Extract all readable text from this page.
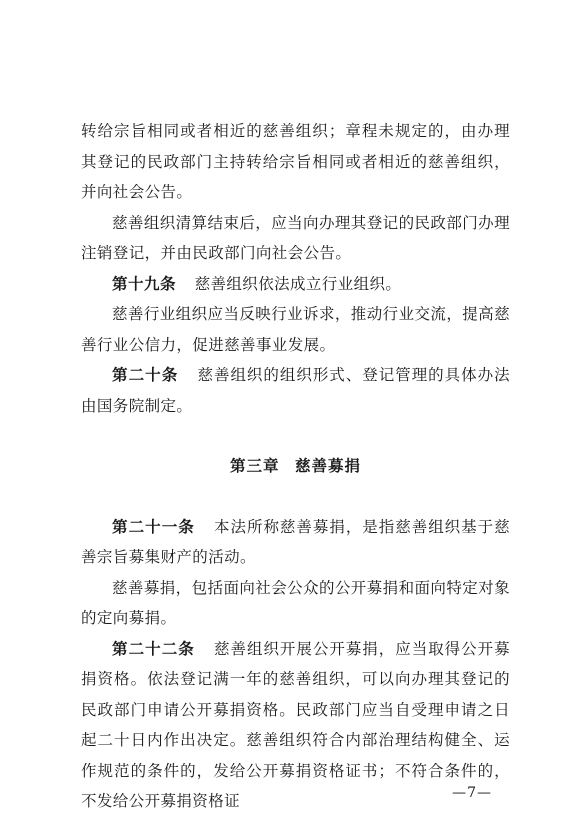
转给宗旨相同或者相近的慈善组织；章程未规定的，由办理其登记的民政部门主持转给宗旨相同或者相近的慈善组织，并向社会公告。

慈善组织清算结束后，应当向办理其登记的民政部门办理注销登记，并由民政部门向社会公告。

第十九条 慈善组织依法成立行业组织。

慈善行业组织应当反映行业诉求，推动行业交流，提高慈善行业公信力，促进慈善事业发展。

第二十条 慈善组织的组织形式、登记管理的具体办法由国务院制定。

第三章 慈善募捐

第二十一条 本法所称慈善募捐，是指慈善组织基于慈善宗旨募集财产的活动。

慈善募捐，包括面向社会公众的公开募捐和面向特定对象的定向募捐。

第二十二条 慈善组织开展公开募捐，应当取得公开募捐资格。依法登记满一年的慈善组织，可以向办理其登记的民政部门申请公开募捐资格。民政部门应当自受理申请之日起二十日内作出决定。慈善组织符合内部治理结构健全、运作规范的条件的，发给公开募捐资格证书；不符合条件的，不发给公开募捐资格证	—7—
